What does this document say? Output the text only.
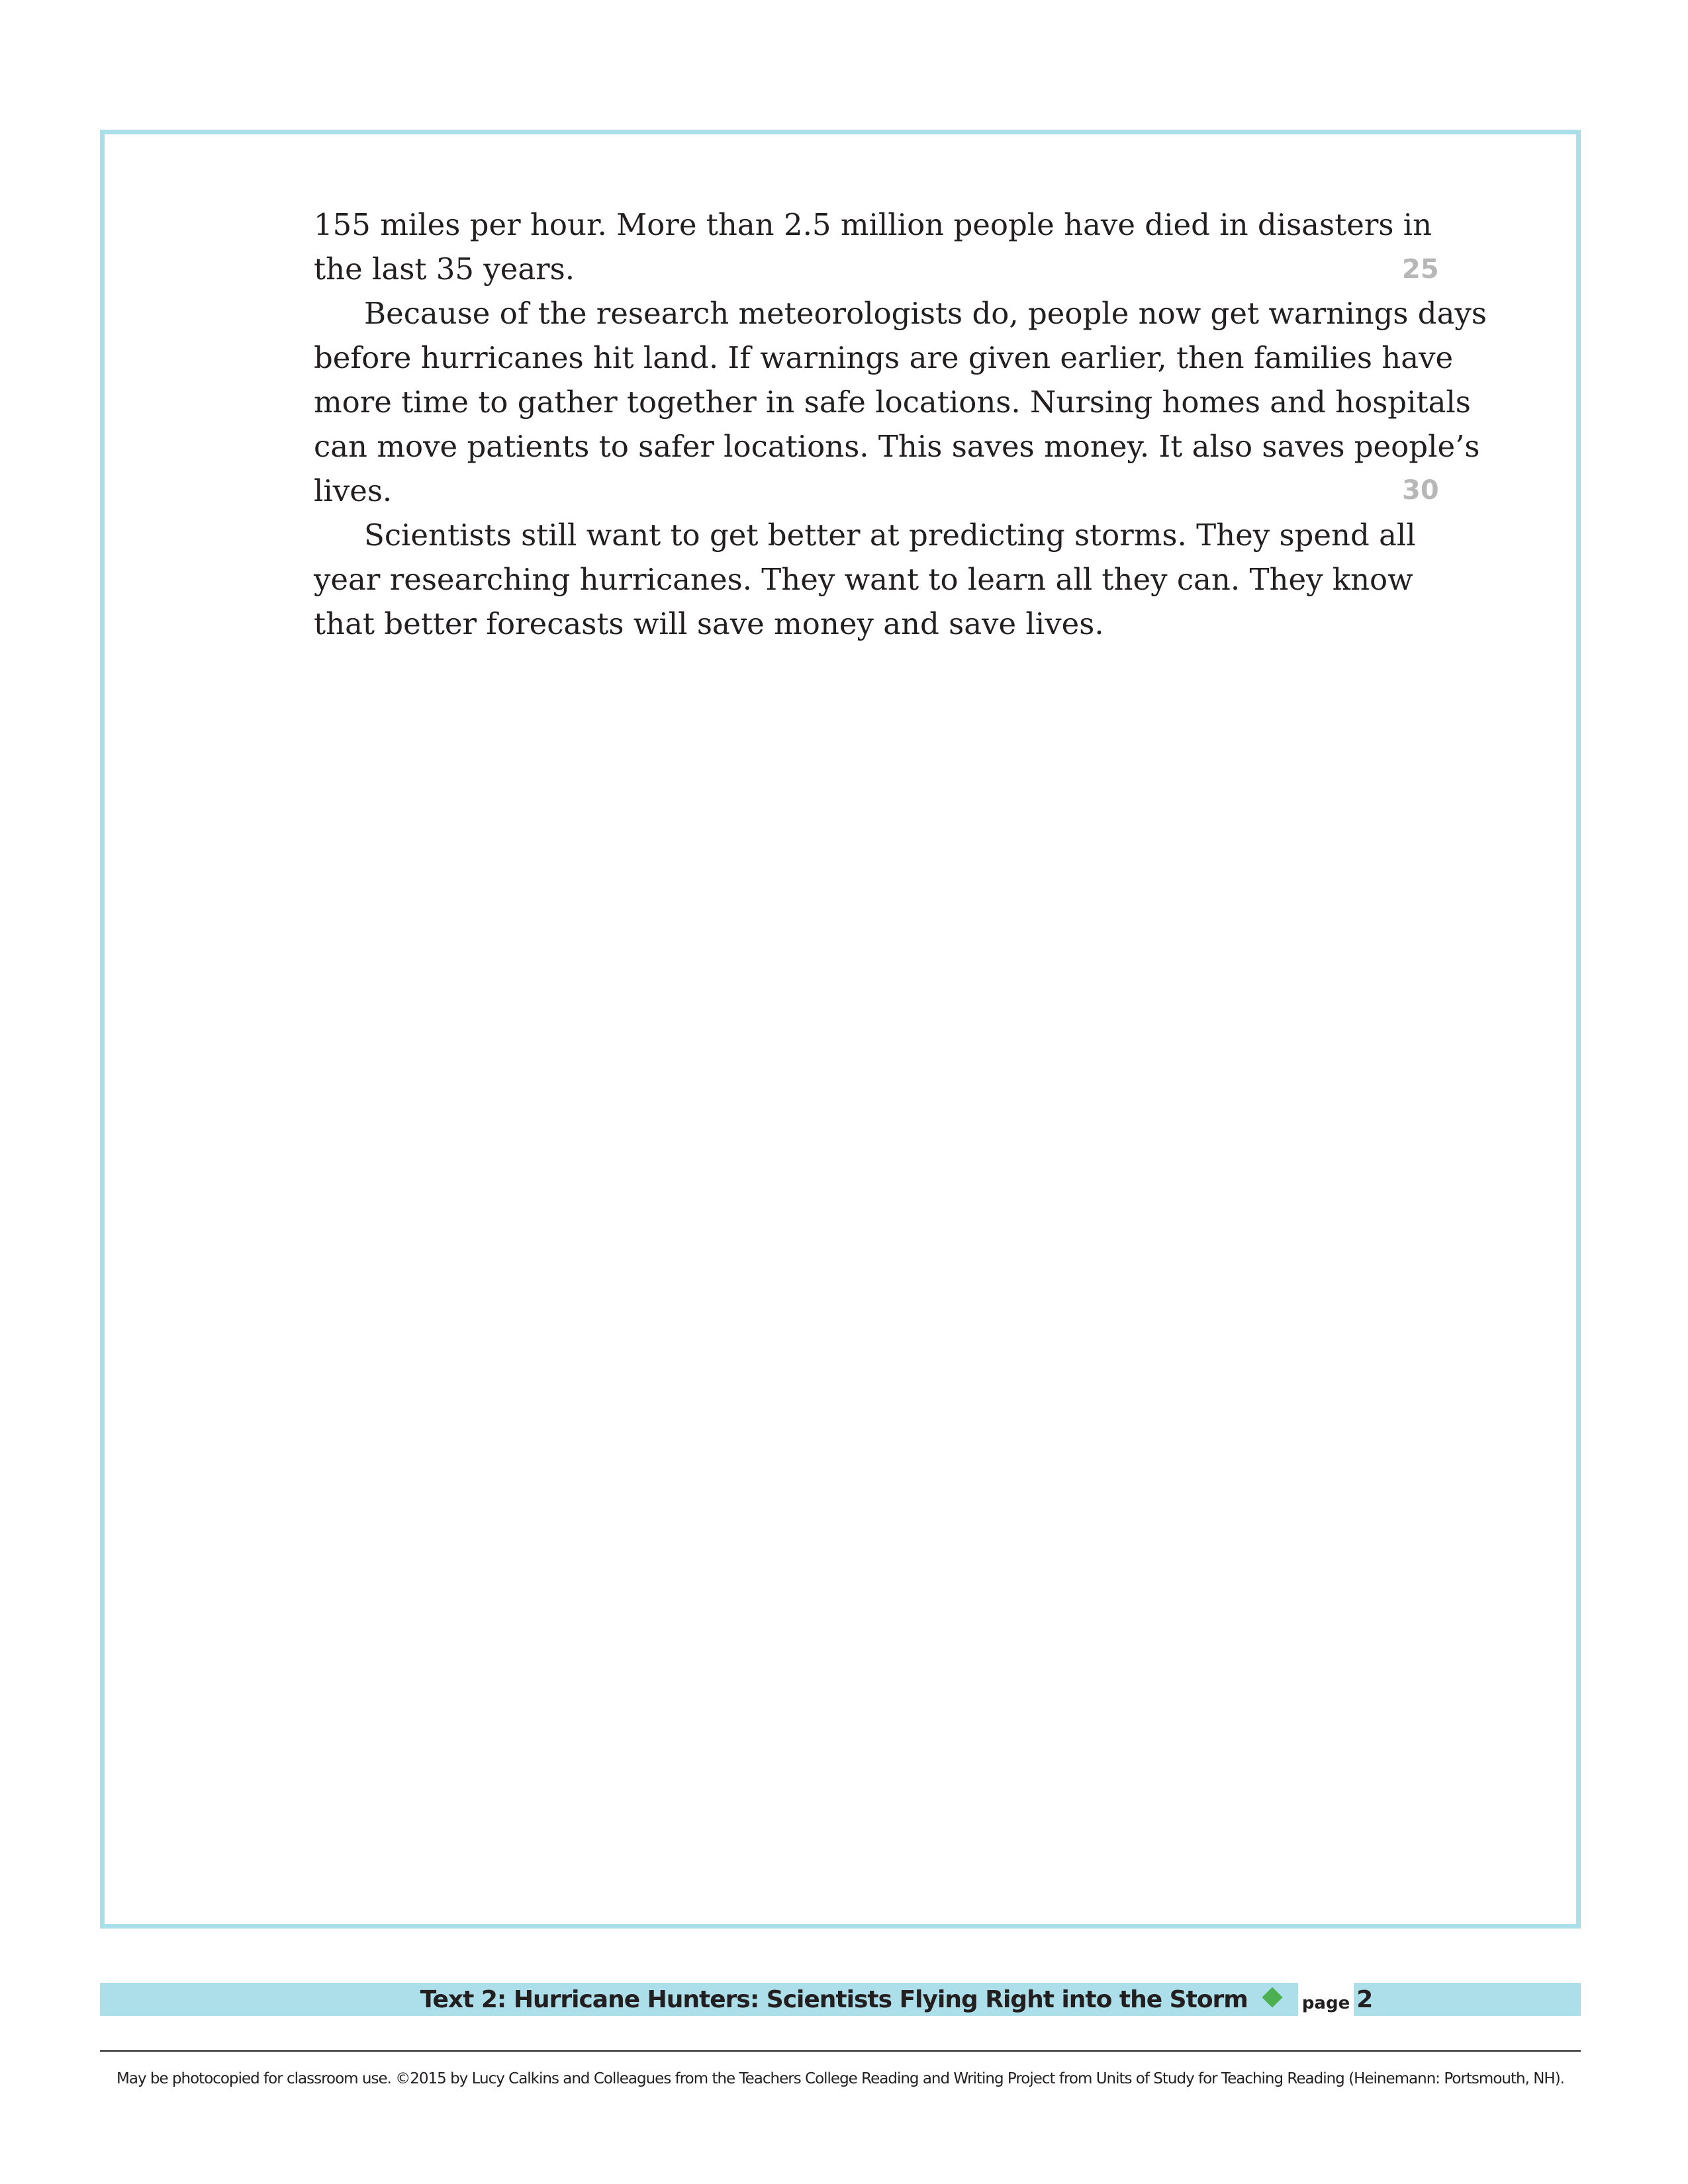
155 miles per hour. More than 2.5 million people have died in disasters in
the last 35 years.
Because of the research meteorologists do, people now get warnings days
before hurricanes hit land. If warnings are given earlier, then families have
more time to gather together in safe locations. Nursing homes and hospitals
can move patients to safer locations. This saves money. It also saves people’s
lives.
Scientists still want to get better at predicting storms. They spend all
year researching hurricanes. They want to learn all they can. They know
that better forecasts will save money and save lives.
25
30
Text 2: Hurricane Hunters: Scientists Flying Right into the Storm	page 2
May be photocopied for classroom use. ©2015 by Lucy Calkins and Colleagues from the Teachers College Reading and Writing Project from Units of Study for Teaching Reading (Heinemann: Portsmouth, NH).
